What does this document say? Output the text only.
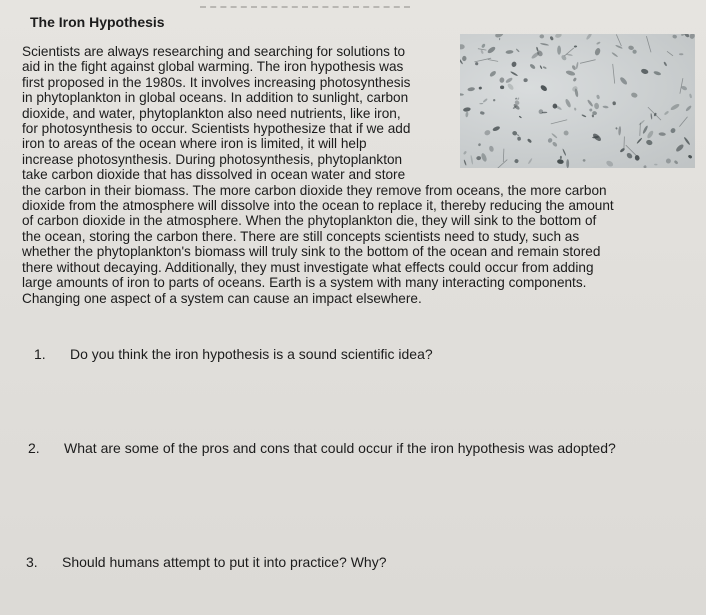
The Iron Hypothesis
Scientists are always researching and searching for solutions to
aid in the fight against global warming. The iron hypothesis was
first proposed in the 1980s. It involves increasing photosynthesis
in phytoplankton in global oceans. In addition to sunlight, carbon
dioxide, and water, phytoplankton also need nutrients, like iron,
for photosynthesis to occur. Scientists hypothesize that if we add
iron to areas of the ocean where iron is limited, it will help
increase photosynthesis. During photosynthesis, phytoplankton
take carbon dioxide that has dissolved in ocean water and store
the carbon in their biomass. The more carbon dioxide they remove from oceans, the more carbon
dioxide from the atmosphere will dissolve into the ocean to replace it, thereby reducing the amount
of carbon dioxide in the atmosphere. When the phytoplankton die, they will sink to the bottom of
the ocean, storing the carbon there. There are still concepts scientists need to study, such as
whether the phytoplankton's biomass will truly sink to the bottom of the ocean and remain stored
there without decaying. Additionally, they must investigate what effects could occur from adding
large amounts of iron to parts of oceans. Earth is a system with many interacting components.
Changing one aspect of a system can cause an impact elsewhere.

1. Do you think the iron hypothesis is a sound scientific idea?

2. What are some of the pros and cons that could occur if the iron hypothesis was adopted?

3. Should humans attempt to put it into practice? Why?
